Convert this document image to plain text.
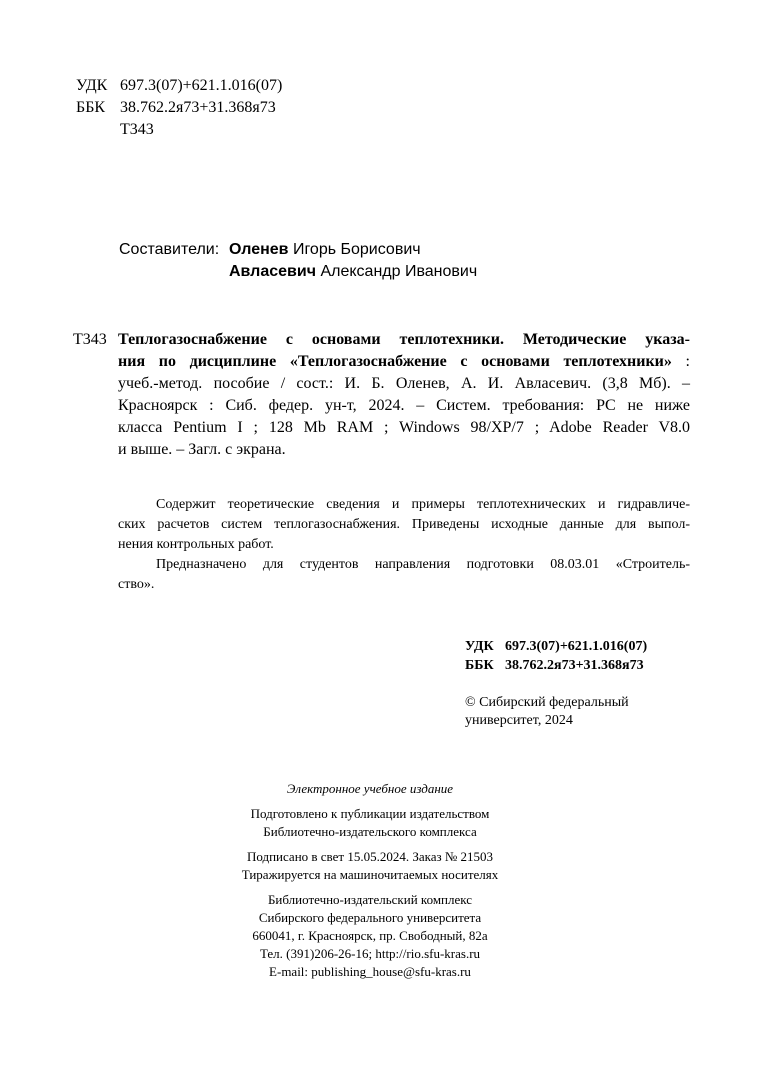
УДК 697.3(07)+621.1.016(07)
ББК 38.762.2я73+31.368я73
Т343
Составители: Оленев Игорь Борисович
Авласевич Александр Иванович
Т343 Теплогазоснабжение с основами теплотехники. Методические указа-
ния по дисциплине «Теплогазоснабжение с основами теплотехники» :
учеб.-метод. пособие / сост.: И. Б. Оленев, А. И. Авласевич. (3,8 Мб). –
Красноярск : Сиб. федер. ун-т, 2024. – Систем. требования: PC не ниже
класса Pentium I ; 128 Mb RAM ; Windows 98/XP/7 ; Adobe Reader V8.0
и выше. – Загл. с экрана.
Содержит теоретические сведения и примеры теплотехнических и гидравличе-
ских расчетов систем теплогазоснабжения. Приведены исходные данные для выпол-
нения контрольных работ.
Предназначено для студентов направления подготовки 08.03.01 «Строитель-
ство».
УДК 697.3(07)+621.1.016(07)
ББК 38.762.2я73+31.368я73
© Сибирский федеральный
университет, 2024
Электронное учебное издание
Подготовлено к публикации издательством
Библиотечно-издательского комплекса
Подписано в свет 15.05.2024. Заказ № 21503
Тиражируется на машиночитаемых носителях
Библиотечно-издательский комплекс
Сибирского федерального университета
660041, г. Красноярск, пр. Свободный, 82а
Тел. (391)206-26-16; http://rio.sfu-kras.ru
E-mail: publishing_house@sfu-kras.ru
